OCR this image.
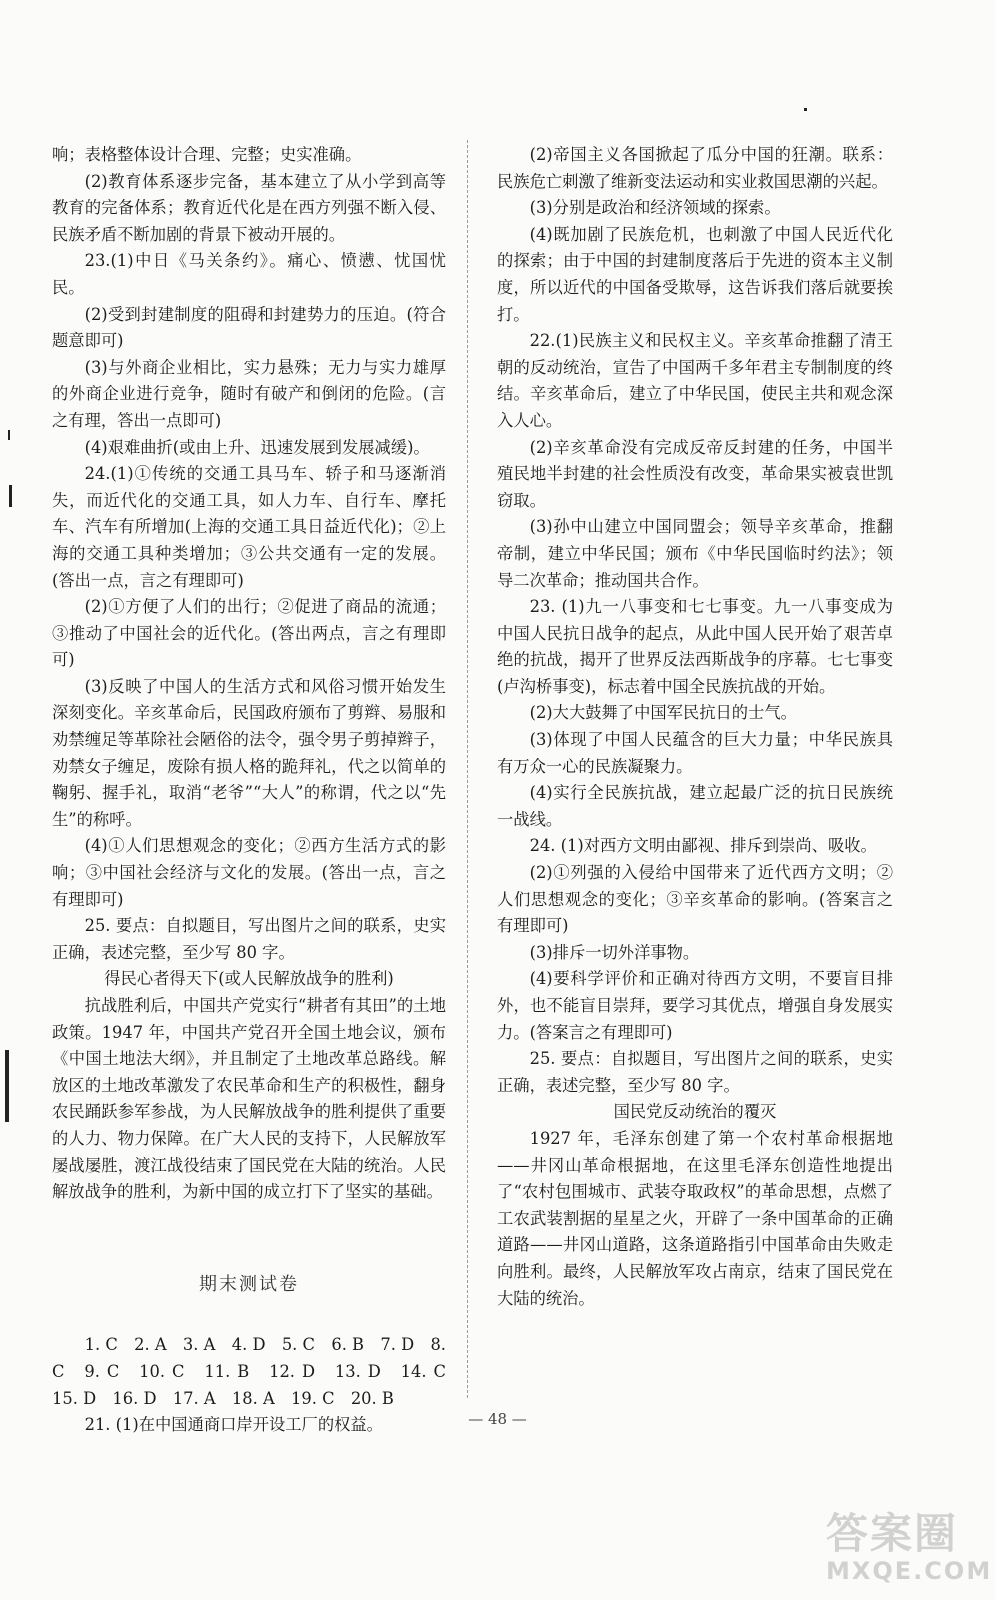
响；表格整体设计合理、完整；史实准确。

(2)教育体系逐步完备，基本建立了从小学到高等教育的完备体系；教育近代化是在西方列强不断入侵、民族矛盾不断加剧的背景下被动开展的。

23.(1)中日《马关条约》。痛心、愤懑、忧国忧民。

(2)受到封建制度的阻碍和封建势力的压迫。(符合题意即可)

(3)与外商企业相比，实力悬殊；无力与实力雄厚的外商企业进行竞争，随时有破产和倒闭的危险。(言之有理，答出一点即可)

(4)艰难曲折(或由上升、迅速发展到发展减缓)。

24.(1)①传统的交通工具马车、轿子和马逐渐消失，而近代化的交通工具，如人力车、自行车、摩托车、汽车有所增加(上海的交通工具日益近代化)；②上海的交通工具种类增加；③公共交通有一定的发展。(答出一点，言之有理即可)

(2)①方便了人们的出行；②促进了商品的流通；③推动了中国社会的近代化。(答出两点，言之有理即可)

(3)反映了中国人的生活方式和风俗习惯开始发生深刻变化。辛亥革命后，民国政府颁布了剪辫、易服和劝禁缠足等革除社会陋俗的法令，强令男子剪掉辫子，劝禁女子缠足，废除有损人格的跪拜礼，代之以简单的鞠躬、握手礼，取消“老爷”“大人”的称谓，代之以“先生”的称呼。

(4)①人们思想观念的变化；②西方生活方式的影响；③中国社会经济与文化的发展。(答出一点，言之有理即可)

25. 要点：自拟题目，写出图片之间的联系，史实正确，表述完整，至少写 80 字。

得民心者得天下(或人民解放战争的胜利)

抗战胜利后，中国共产党实行“耕者有其田”的土地政策。1947 年，中国共产党召开全国土地会议，颁布《中国土地法大纲》，并且制定了土地改革总路线。解放区的土地改革激发了农民革命和生产的积极性，翻身农民踊跃参军参战，为人民解放战争的胜利提供了重要的人力、物力保障。在广大人民的支持下，人民解放军屡战屡胜，渡江战役结束了国民党在大陆的统治。人民解放战争的胜利，为新中国的成立打下了坚实的基础。

期末测试卷

1. C　2. A　3. A　4. D　5. C　6. B　7. D　8. C　9. C　10. C　11. B　12. D　13. D　14. C　15. D　16. D　17. A　18. A　19. C　20. B

21. (1)在中国通商口岸开设工厂的权益。

(2)帝国主义各国掀起了瓜分中国的狂潮。联系：民族危亡刺激了维新变法运动和实业救国思潮的兴起。

(3)分别是政治和经济领域的探索。

(4)既加剧了民族危机，也刺激了中国人民近代化的探索；由于中国的封建制度落后于先进的资本主义制度，所以近代的中国备受欺辱，这告诉我们落后就要挨打。

22.(1)民族主义和民权主义。辛亥革命推翻了清王朝的反动统治，宣告了中国两千多年君主专制制度的终结。辛亥革命后，建立了中华民国，使民主共和观念深入人心。

(2)辛亥革命没有完成反帝反封建的任务，中国半殖民地半封建的社会性质没有改变，革命果实被袁世凯窃取。

(3)孙中山建立中国同盟会；领导辛亥革命，推翻帝制，建立中华民国；颁布《中华民国临时约法》；领导二次革命；推动国共合作。

23. (1)九一八事变和七七事变。九一八事变成为中国人民抗日战争的起点，从此中国人民开始了艰苦卓绝的抗战，揭开了世界反法西斯战争的序幕。七七事变(卢沟桥事变)，标志着中国全民族抗战的开始。

(2)大大鼓舞了中国军民抗日的士气。

(3)体现了中国人民蕴含的巨大力量；中华民族具有万众一心的民族凝聚力。

(4)实行全民族抗战，建立起最广泛的抗日民族统一战线。

24. (1)对西方文明由鄙视、排斥到崇尚、吸收。

(2)①列强的入侵给中国带来了近代西方文明；②人们思想观念的变化；③辛亥革命的影响。(答案言之有理即可)

(3)排斥一切外洋事物。

(4)要科学评价和正确对待西方文明，不要盲目排外，也不能盲目崇拜，要学习其优点，增强自身发展实力。(答案言之有理即可)

25. 要点：自拟题目，写出图片之间的联系，史实正确，表述完整，至少写 80 字。

国民党反动统治的覆灭

1927 年，毛泽东创建了第一个农村革命根据地——井冈山革命根据地，在这里毛泽东创造性地提出了“农村包围城市、武装夺取政权”的革命思想，点燃了工农武装割据的星星之火，开辟了一条中国革命的正确道路——井冈山道路，这条道路指引中国革命由失败走向胜利。最终，人民解放军攻占南京，结束了国民党在大陆的统治。

— 48 —
答案圈
MXQE.COM
